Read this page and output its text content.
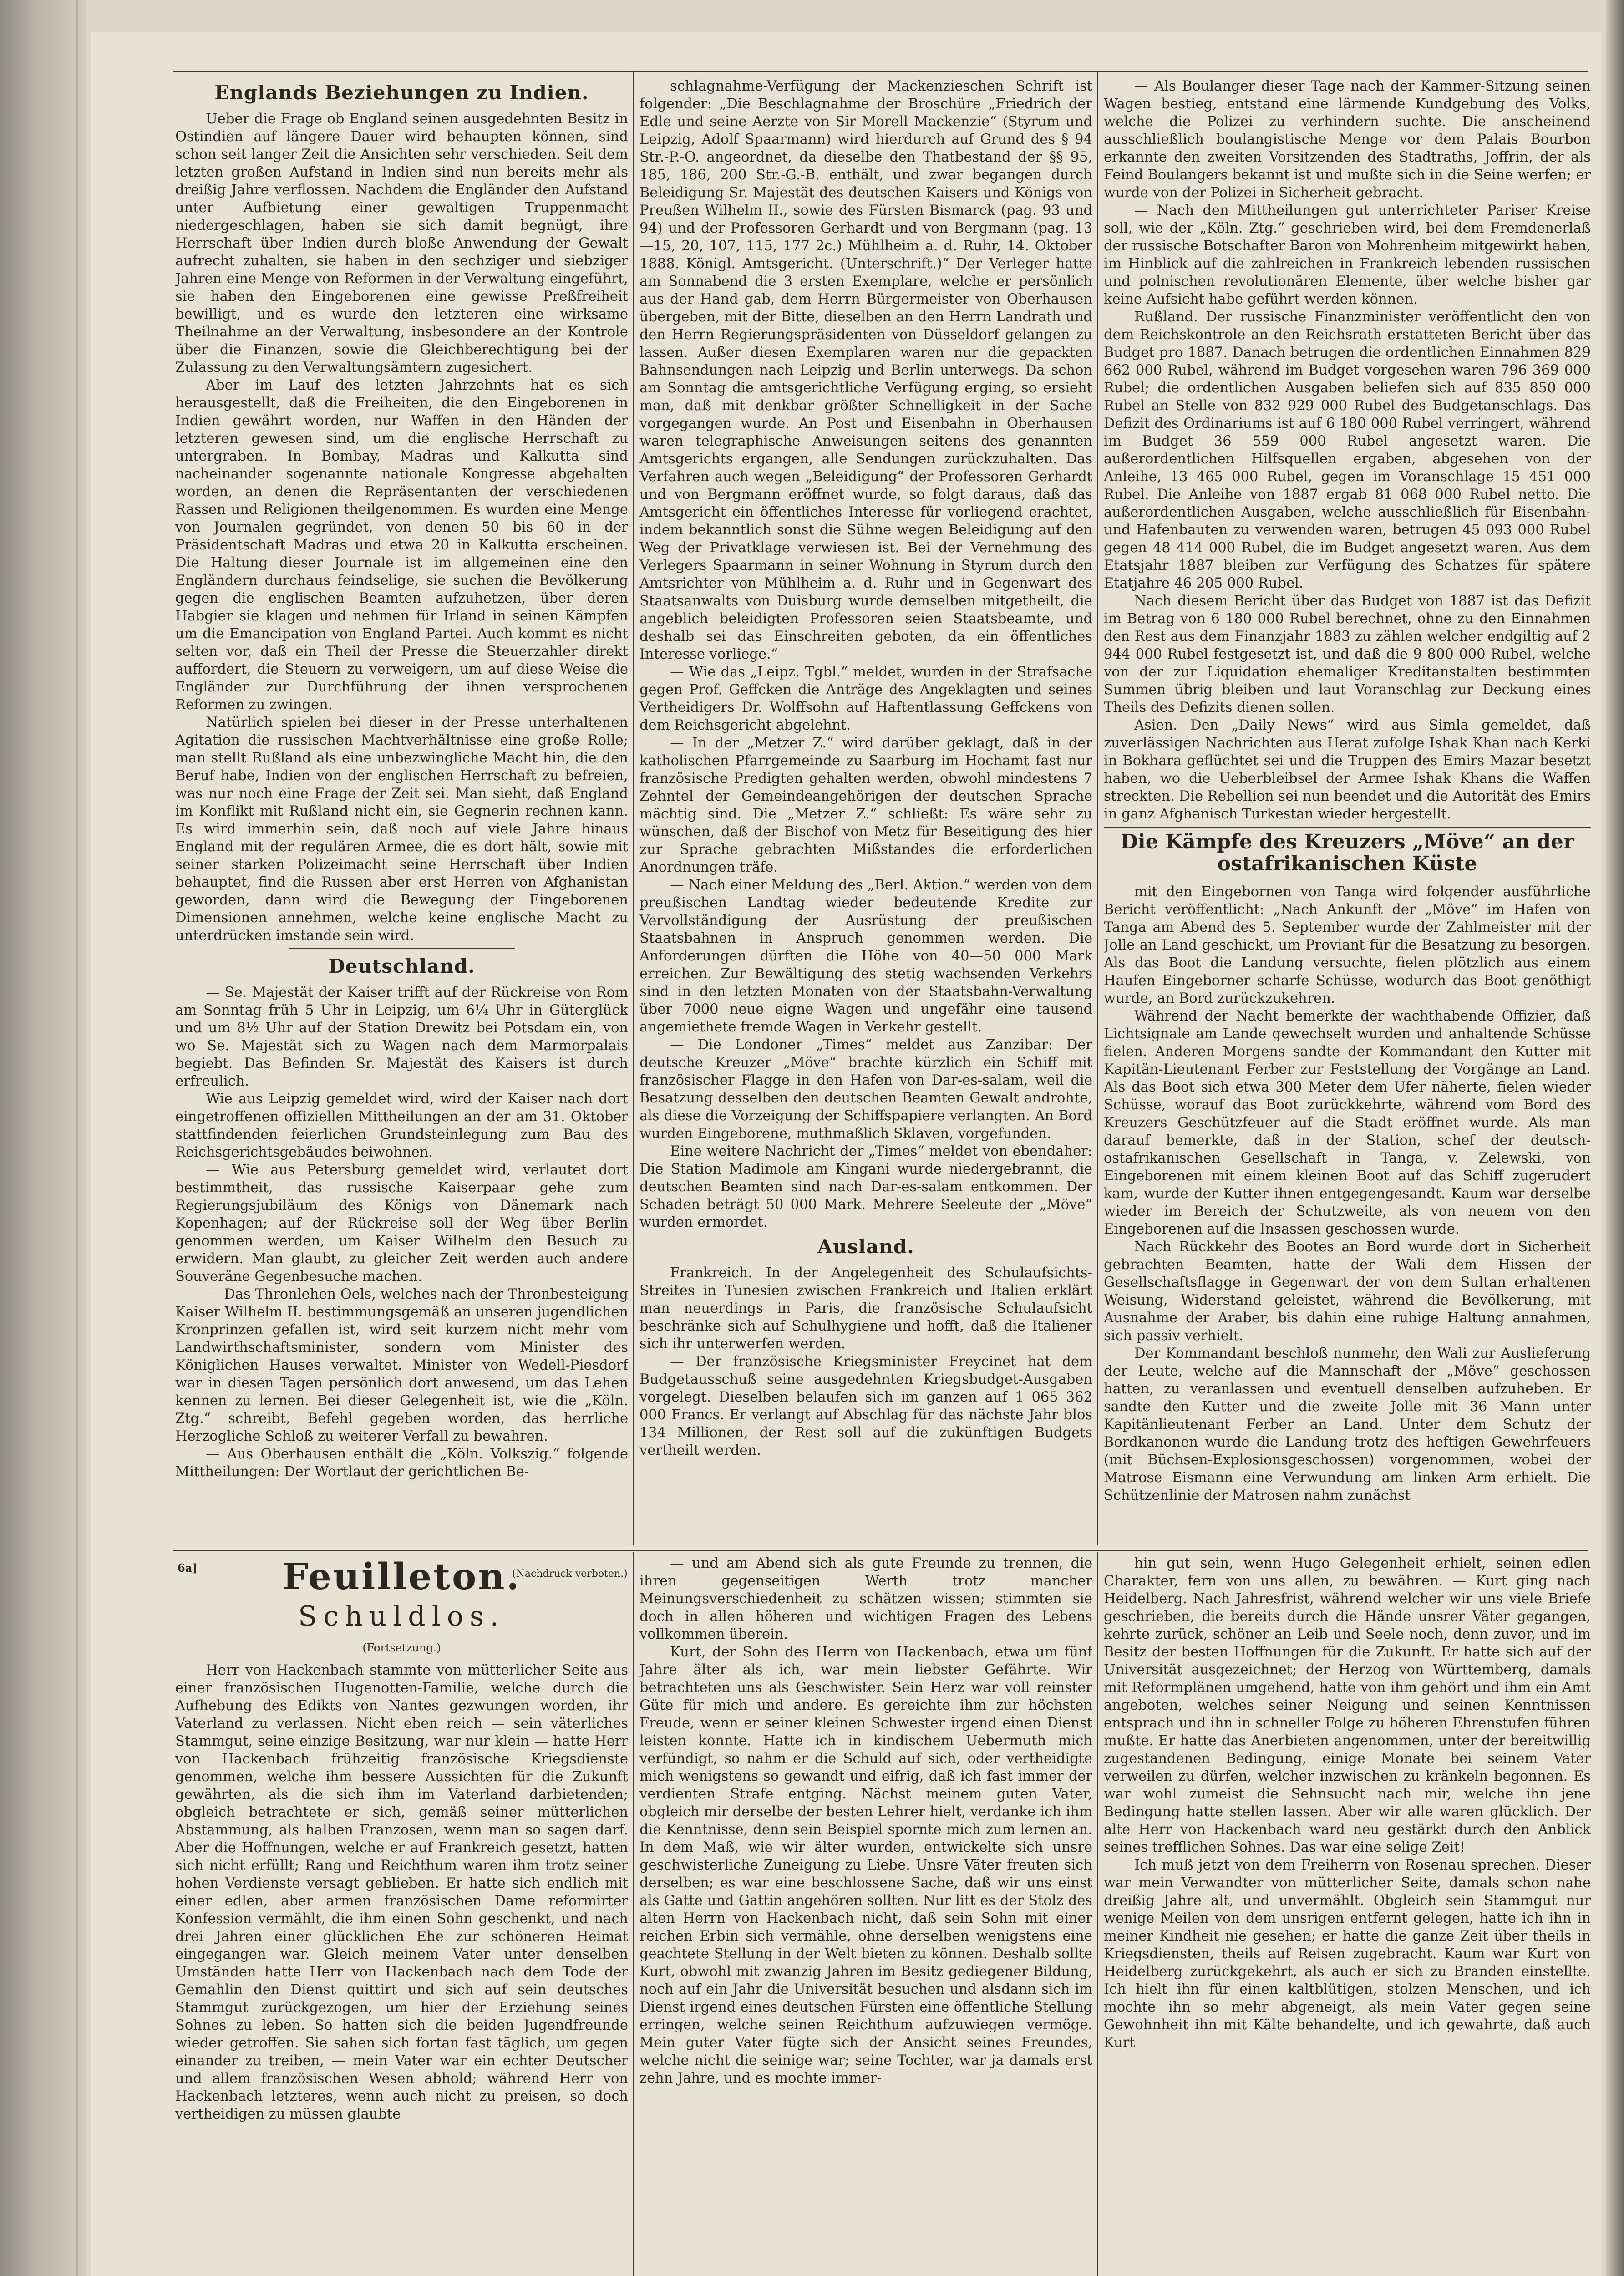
Englands Beziehungen zu Indien.

Ueber die Frage ob England seinen ausgedehnten Besitz in Ostindien auf längere Dauer wird behaupten können, sind schon seit langer Zeit die Ansichten sehr verschieden. Seit dem letzten großen Aufstand in Indien sind nun bereits mehr als dreißig Jahre verflossen. Nachdem die Engländer den Aufstand unter Aufbietung einer gewaltigen Truppenmacht niedergeschlagen, haben sie sich damit begnügt, ihre Herrschaft über Indien durch bloße Anwendung der Gewalt aufrecht zuhalten, sie haben in den sechziger und siebziger Jahren eine Menge von Reformen in der Verwaltung eingeführt, sie haben den Eingeborenen eine gewisse Preßfreiheit bewilligt, und es wurde den letzteren eine wirksame Theilnahme an der Verwaltung, insbesondere an der Kontrole über die Finanzen, sowie die Gleichberechtigung bei der Zulassung zu den Verwaltungsämtern zugesichert.

Aber im Lauf des letzten Jahrzehnts hat es sich herausgestellt, daß die Freiheiten, die den Eingeborenen in Indien gewährt worden, nur Waffen in den Händen der letzteren gewesen sind, um die englische Herrschaft zu untergraben. In Bombay, Madras und Kalkutta sind nacheinander sogenannte nationale Kongresse abgehalten worden, an denen die Repräsentanten der verschiedenen Rassen und Religionen theilgenommen. Es wurden eine Menge von Journalen gegründet, von denen 50 bis 60 in der Präsidentschaft Madras und etwa 20 in Kalkutta erscheinen. Die Haltung dieser Journale ist im allgemeinen eine den Engländern durchaus feindselige, sie suchen die Bevölkerung gegen die englischen Beamten aufzuhetzen, über deren Habgier sie klagen und nehmen für Irland in seinen Kämpfen um die Emancipation von England Partei. Auch kommt es nicht selten vor, daß ein Theil der Presse die Steuerzahler direkt auffordert, die Steuern zu verweigern, um auf diese Weise die Engländer zur Durchführung der ihnen versprochenen Reformen zu zwingen.

Natürlich spielen bei dieser in der Presse unterhaltenen Agitation die russischen Machtverhältnisse eine große Rolle; man stellt Rußland als eine unbezwingliche Macht hin, die den Beruf habe, Indien von der englischen Herrschaft zu befreien, was nur noch eine Frage der Zeit sei. Man sieht, daß England im Konflikt mit Rußland nicht ein, sie Gegnerin rechnen kann. Es wird immerhin sein, daß noch auf viele Jahre hinaus England mit der regulären Armee, die es dort hält, sowie mit seiner starken Polizeimacht seine Herrschaft über Indien behauptet, find die Russen aber erst Herren von Afghanistan geworden, dann wird die Bewegung der Eingeborenen Dimensionen annehmen, welche keine englische Macht zu unterdrücken imstande sein wird.

Deutschland.

— Se. Majestät der Kaiser trifft auf der Rückreise von Rom am Sonntag früh 5 Uhr in Leipzig, um 6¼ Uhr in Güterglück und um 8½ Uhr auf der Station Drewitz bei Potsdam ein, von wo Se. Majestät sich zu Wagen nach dem Marmorpalais begiebt. Das Befinden Sr. Majestät des Kaisers ist durch erfreulich.

Wie aus Leipzig gemeldet wird, wird der Kaiser nach dort eingetroffenen offiziellen Mittheilungen an der am 31. Oktober stattfindenden feierlichen Grundsteinlegung zum Bau des Reichsgerichtsgebäudes beiwohnen.

— Wie aus Petersburg gemeldet wird, verlautet dort bestimmtheit, das russische Kaiserpaar gehe zum Regierungsjubiläum des Königs von Dänemark nach Kopenhagen; auf der Rückreise soll der Weg über Berlin genommen werden, um Kaiser Wilhelm den Besuch zu erwidern. Man glaubt, zu gleicher Zeit werden auch andere Souveräne Gegenbesuche machen.

— Das Thronlehen Oels, welches nach der Thronbesteigung Kaiser Wilhelm II. bestimmungsgemäß an unseren jugendlichen Kronprinzen gefallen ist, wird seit kurzem nicht mehr vom Landwirthschaftsminister, sondern vom Minister des Königlichen Hauses verwaltet. Minister von Wedell-Piesdorf war in diesen Tagen persönlich dort anwesend, um das Lehen kennen zu lernen. Bei dieser Gelegenheit ist, wie die „Köln. Ztg.“ schreibt, Befehl gegeben worden, das herrliche Herzogliche Schloß zu weiterer Verfall zu bewahren.

— Aus Oberhausen enthält die „Köln. Volkszig.“ folgende Mittheilungen: Der Wortlaut der gerichtlichen Be-

schlagnahme-Verfügung der Mackenzieschen Schrift ist folgender: „Die Beschlagnahme der Broschüre „Friedrich der Edle und seine Aerzte von Sir Morell Mackenzie“ (Styrum und Leipzig, Adolf Spaarmann) wird hierdurch auf Grund des § 94 Str.-P.-O. angeordnet, da dieselbe den Thatbestand der §§ 95, 185, 186, 200 Str.-G.-B. enthält, und zwar begangen durch Beleidigung Sr. Majestät des deutschen Kaisers und Königs von Preußen Wilhelm II., sowie des Fürsten Bismarck (pag. 93 und 94) und der Professoren Gerhardt und von Bergmann (pag. 13—15, 20, 107, 115, 177 2c.) Mühlheim a. d. Ruhr, 14. Oktober 1888. Königl. Amtsgericht. (Unterschrift.)“ Der Verleger hatte am Sonnabend die 3 ersten Exemplare, welche er persönlich aus der Hand gab, dem Herrn Bürgermeister von Oberhausen übergeben, mit der Bitte, dieselben an den Herrn Landrath und den Herrn Regierungspräsidenten von Düsseldorf gelangen zu lassen. Außer diesen Exemplaren waren nur die gepackten Bahnsendungen nach Leipzig und Berlin unterwegs. Da schon am Sonntag die amtsgerichtliche Verfügung erging, so ersieht man, daß mit denkbar größter Schnelligkeit in der Sache vorgegangen wurde. An Post und Eisenbahn in Oberhausen waren telegraphische Anweisungen seitens des genannten Amtsgerichts ergangen, alle Sendungen zurückzuhalten. Das Verfahren auch wegen „Beleidigung“ der Professoren Gerhardt und von Bergmann eröffnet wurde, so folgt daraus, daß das Amtsgericht ein öffentliches Interesse für vorliegend erachtet, indem bekanntlich sonst die Sühne wegen Beleidigung auf den Weg der Privatklage verwiesen ist. Bei der Vernehmung des Verlegers Spaarmann in seiner Wohnung in Styrum durch den Amtsrichter von Mühlheim a. d. Ruhr und in Gegenwart des Staatsanwalts von Duisburg wurde demselben mitgetheilt, die angeblich beleidigten Professoren seien Staatsbeamte, und deshalb sei das Einschreiten geboten, da ein öffentliches Interesse vorliege.“

— Wie das „Leipz. Tgbl.“ meldet, wurden in der Strafsache gegen Prof. Geffcken die Anträge des Angeklagten und seines Vertheidigers Dr. Wolffsohn auf Haftentlassung Geffckens von dem Reichsgericht abgelehnt.

— In der „Metzer Z.“ wird darüber geklagt, daß in der katholischen Pfarrgemeinde zu Saarburg im Hochamt fast nur französische Predigten gehalten werden, obwohl mindestens 7 Zehntel der Gemeindeangehörigen der deutschen Sprache mächtig sind. Die „Metzer Z.“ schließt: Es wäre sehr zu wünschen, daß der Bischof von Metz für Beseitigung des hier zur Sprache gebrachten Mißstandes die erforderlichen Anordnungen träfe.

— Nach einer Meldung des „Berl. Aktion.“ werden von dem preußischen Landtag wieder bedeutende Kredite zur Vervollständigung der Ausrüstung der preußischen Staatsbahnen in Anspruch genommen werden. Die Anforderungen dürften die Höhe von 40—50 000 Mark erreichen. Zur Bewältigung des stetig wachsenden Verkehrs sind in den letzten Monaten von der Staatsbahn-Verwaltung über 7000 neue eigne Wagen und ungefähr eine tausend angemiethete fremde Wagen in Verkehr gestellt.

— Die Londoner „Times“ meldet aus Zanzibar: Der deutsche Kreuzer „Möve“ brachte kürzlich ein Schiff mit französischer Flagge in den Hafen von Dar-es-salam, weil die Besatzung desselben den deutschen Beamten Gewalt androhte, als diese die Vorzeigung der Schiffspapiere verlangten. An Bord wurden Eingeborene, muthmaßlich Sklaven, vorgefunden.

Eine weitere Nachricht der „Times“ meldet von ebendaher: Die Station Madimole am Kingani wurde niedergebrannt, die deutschen Beamten sind nach Dar-es-salam entkommen. Der Schaden beträgt 50 000 Mark. Mehrere Seeleute der „Möve“ wurden ermordet.

Ausland.

Frankreich. In der Angelegenheit des Schulaufsichts-Streites in Tunesien zwischen Frankreich und Italien erklärt man neuerdings in Paris, die französische Schulaufsicht beschränke sich auf Schulhygiene und hofft, daß die Italiener sich ihr unterwerfen werden.

— Der französische Kriegsminister Freycinet hat dem Budgetausschuß seine ausgedehnten Kriegsbudget-Ausgaben vorgelegt. Dieselben belaufen sich im ganzen auf 1 065 362 000 Francs. Er verlangt auf Abschlag für das nächste Jahr blos 134 Millionen, der Rest soll auf die zukünftigen Budgets vertheilt werden.

— Als Boulanger dieser Tage nach der Kammer-Sitzung seinen Wagen bestieg, entstand eine lärmende Kundgebung des Volks, welche die Polizei zu verhindern suchte. Die anscheinend ausschließlich boulangistische Menge vor dem Palais Bourbon erkannte den zweiten Vorsitzenden des Stadtraths, Joffrin, der als Feind Boulangers bekannt ist und mußte sich in die Seine werfen; er wurde von der Polizei in Sicherheit gebracht.

— Nach den Mittheilungen gut unterrichteter Pariser Kreise soll, wie der „Köln. Ztg.“ geschrieben wird, bei dem Fremdenerlaß der russische Botschafter Baron von Mohrenheim mitgewirkt haben, im Hinblick auf die zahlreichen in Frankreich lebenden russischen und polnischen revolutionären Elemente, über welche bisher gar keine Aufsicht habe geführt werden können.

Rußland. Der russische Finanzminister veröffentlicht den von dem Reichskontrole an den Reichsrath erstatteten Bericht über das Budget pro 1887. Danach betrugen die ordentlichen Einnahmen 829 662 000 Rubel, während im Budget vorgesehen waren 796 369 000 Rubel; die ordentlichen Ausgaben beliefen sich auf 835 850 000 Rubel an Stelle von 832 929 000 Rubel des Budgetanschlags. Das Defizit des Ordinariums ist auf 6 180 000 Rubel verringert, während im Budget 36 559 000 Rubel angesetzt waren. Die außerordentlichen Hilfsquellen ergaben, abgesehen von der Anleihe, 13 465 000 Rubel, gegen im Voranschlage 15 451 000 Rubel. Die Anleihe von 1887 ergab 81 068 000 Rubel netto. Die außerordentlichen Ausgaben, welche ausschließlich für Eisenbahn- und Hafenbauten zu verwenden waren, betrugen 45 093 000 Rubel gegen 48 414 000 Rubel, die im Budget angesetzt waren. Aus dem Etatsjahr 1887 bleiben zur Verfügung des Schatzes für spätere Etatjahre 46 205 000 Rubel.

Nach diesem Bericht über das Budget von 1887 ist das Defizit im Betrag von 6 180 000 Rubel berechnet, ohne zu den Einnahmen den Rest aus dem Finanzjahr 1883 zu zählen welcher endgiltig auf 2 944 000 Rubel festgesetzt ist, und daß die 9 800 000 Rubel, welche von der zur Liquidation ehemaliger Kreditanstalten bestimmten Summen übrig bleiben und laut Voranschlag zur Deckung eines Theils des Defizits dienen sollen.

Asien. Den „Daily News“ wird aus Simla gemeldet, daß zuverlässigen Nachrichten aus Herat zufolge Ishak Khan nach Kerki in Bokhara geflüchtet sei und die Truppen des Emirs Mazar besetzt haben, wo die Ueberbleibsel der Armee Ishak Khans die Waffen streckten. Die Rebellion sei nun beendet und die Autorität des Emirs in ganz Afghanisch Turkestan wieder hergestellt.

Die Kämpfe des Kreuzers „Möve“ an der ostafrikanischen Küste

mit den Eingebornen von Tanga wird folgender ausführliche Bericht veröffentlicht: „Nach Ankunft der „Möve“ im Hafen von Tanga am Abend des 5. September wurde der Zahlmeister mit der Jolle an Land geschickt, um Proviant für die Besatzung zu besorgen. Als das Boot die Landung versuchte, fielen plötzlich aus einem Haufen Eingeborner scharfe Schüsse, wodurch das Boot genöthigt wurde, an Bord zurückzukehren.

Während der Nacht bemerkte der wachthabende Offizier, daß Lichtsignale am Lande gewechselt wurden und anhaltende Schüsse fielen. Anderen Morgens sandte der Kommandant den Kutter mit Kapitän-Lieutenant Ferber zur Feststellung der Vorgänge an Land. Als das Boot sich etwa 300 Meter dem Ufer näherte, fielen wieder Schüsse, worauf das Boot zurückkehrte, während vom Bord des Kreuzers Geschützfeuer auf die Stadt eröffnet wurde. Als man darauf bemerkte, daß in der Station, schef der deutsch-ostafrikanischen Gesellschaft in Tanga, v. Zelewski, von Eingeborenen mit einem kleinen Boot auf das Schiff zugerudert kam, wurde der Kutter ihnen entgegengesandt. Kaum war derselbe wieder im Bereich der Schutzweite, als von neuem von den Eingeborenen auf die Insassen geschossen wurde.

Nach Rückkehr des Bootes an Bord wurde dort in Sicherheit gebrachten Beamten, hatte der Wali dem Hissen der Gesellschaftsflagge in Gegenwart der von dem Sultan erhaltenen Weisung, Widerstand geleistet, während die Bevölkerung, mit Ausnahme der Araber, bis dahin eine ruhige Haltung annahmen, sich passiv verhielt.

Der Kommandant beschloß nunmehr, den Wali zur Auslieferung der Leute, welche auf die Mannschaft der „Möve“ geschossen hatten, zu veranlassen und eventuell denselben aufzuheben. Er sandte den Kutter und die zweite Jolle mit 36 Mann unter Kapitänlieutenant Ferber an Land. Unter dem Schutz der Bordkanonen wurde die Landung trotz des heftigen Gewehrfeuers (mit Büchsen-Explosionsgeschossen) vorgenommen, wobei der Matrose Eismann eine Verwundung am linken Arm erhielt. Die Schützenlinie der Matrosen nahm zunächst

6a]	Feuilleton.
Schuldlos.
(Fortsetzung.)

Herr von Hackenbach stammte von mütterlicher Seite aus einer französischen Hugenotten-Familie, welche durch die Aufhebung des Edikts von Nantes gezwungen worden, ihr Vaterland zu verlassen. Nicht eben reich — sein väterliches Stammgut, seine einzige Besitzung, war nur klein — hatte Herr von Hackenbach frühzeitig französische Kriegsdienste genommen, welche ihm bessere Aussichten für die Zukunft gewährten, als die sich ihm im Vaterland darbietenden; obgleich betrachtete er sich, gemäß seiner mütterlichen Abstammung, als halben Franzosen, wenn man so sagen darf. Aber die Hoffnungen, welche er auf Frankreich gesetzt, hatten sich nicht erfüllt; Rang und Reichthum waren ihm trotz seiner hohen Verdienste versagt geblieben. Er hatte sich endlich mit einer edlen, aber armen französischen Dame reformirter Konfession vermählt, die ihm einen Sohn geschenkt, und nach drei Jahren einer glücklichen Ehe zur schöneren Heimat eingegangen war. Gleich meinem Vater unter denselben Umständen hatte Herr von Hackenbach nach dem Tode der Gemahlin den Dienst quittirt und sich auf sein deutsches Stammgut zurückgezogen, um hier der Erziehung seines Sohnes zu leben. So hatten sich die beiden Jugendfreunde wieder getroffen. Sie sahen sich fortan fast täglich, um gegen einander zu treiben, — mein Vater war ein echter Deutscher und allem französischen Wesen abhold; während Herr von Hackenbach letzteres, wenn auch nicht zu preisen, so doch vertheidigen zu müssen glaubte

(Nachdruck verboten.)

— und am Abend sich als gute Freunde zu trennen, die ihren gegenseitigen Werth trotz mancher Meinungsverschiedenheit zu schätzen wissen; stimmten sie doch in allen höheren und wichtigen Fragen des Lebens vollkommen überein.

Kurt, der Sohn des Herrn von Hackenbach, etwa um fünf Jahre älter als ich, war mein liebster Gefährte. Wir betrachteten uns als Geschwister. Sein Herz war voll reinster Güte für mich und andere. Es gereichte ihm zur höchsten Freude, wenn er seiner kleinen Schwester irgend einen Dienst leisten konnte. Hatte ich in kindischem Uebermuth mich verfündigt, so nahm er die Schuld auf sich, oder vertheidigte mich wenigstens so gewandt und eifrig, daß ich fast immer der verdienten Strafe entging. Nächst meinem guten Vater, obgleich mir derselbe der besten Lehrer hielt, verdanke ich ihm die Kenntnisse, denn sein Beispiel spornte mich zum lernen an. In dem Maß, wie wir älter wurden, entwickelte sich unsre geschwisterliche Zuneigung zu Liebe. Unsre Väter freuten sich derselben; es war eine beschlossene Sache, daß wir uns einst als Gatte und Gattin angehören sollten. Nur litt es der Stolz des alten Herrn von Hackenbach nicht, daß sein Sohn mit einer reichen Erbin sich vermähle, ohne derselben wenigstens eine geachtete Stellung in der Welt bieten zu können. Deshalb sollte Kurt, obwohl mit zwanzig Jahren im Besitz gediegener Bildung, noch auf ein Jahr die Universität besuchen und alsdann sich im Dienst irgend eines deutschen Fürsten eine öffentliche Stellung erringen, welche seinen Reichthum aufzuwiegen vermöge. Mein guter Vater fügte sich der Ansicht seines Freundes, welche nicht die seinige war; seine Tochter, war ja damals erst zehn Jahre, und es mochte immer-

hin gut sein, wenn Hugo Gelegenheit erhielt, seinen edlen Charakter, fern von uns allen, zu bewähren. — Kurt ging nach Heidelberg. Nach Jahresfrist, während welcher wir uns viele Briefe geschrieben, die bereits durch die Hände unsrer Väter gegangen, kehrte zurück, schöner an Leib und Seele noch, denn zuvor, und im Besitz der besten Hoffnungen für die Zukunft. Er hatte sich auf der Universität ausgezeichnet; der Herzog von Württemberg, damals mit Reformplänen umgehend, hatte von ihm gehört und ihm ein Amt angeboten, welches seiner Neigung und seinen Kenntnissen entsprach und ihn in schneller Folge zu höheren Ehrenstufen führen mußte. Er hatte das Anerbieten angenommen, unter der bereitwillig zugestandenen Bedingung, einige Monate bei seinem Vater verweilen zu dürfen, welcher inzwischen zu kränkeln begonnen. Es war wohl zumeist die Sehnsucht nach mir, welche ihn jene Bedingung hatte stellen lassen. Aber wir alle waren glücklich. Der alte Herr von Hackenbach ward neu gestärkt durch den Anblick seines trefflichen Sohnes. Das war eine selige Zeit!

Ich muß jetzt von dem Freiherrn von Rosenau sprechen. Dieser war mein Verwandter von mütterlicher Seite, damals schon nahe dreißig Jahre alt, und unvermählt. Obgleich sein Stammgut nur wenige Meilen von dem unsrigen entfernt gelegen, hatte ich ihn in meiner Kindheit nie gesehen; er hatte die ganze Zeit über theils in Kriegsdiensten, theils auf Reisen zugebracht. Kaum war Kurt von Heidelberg zurückgekehrt, als auch er sich zu Branden einstellte. Ich hielt ihn für einen kaltblütigen, stolzen Menschen, und ich mochte ihn so mehr abgeneigt, als mein Vater gegen seine Gewohnheit ihn mit Kälte behandelte, und ich gewahrte, daß auch Kurt
